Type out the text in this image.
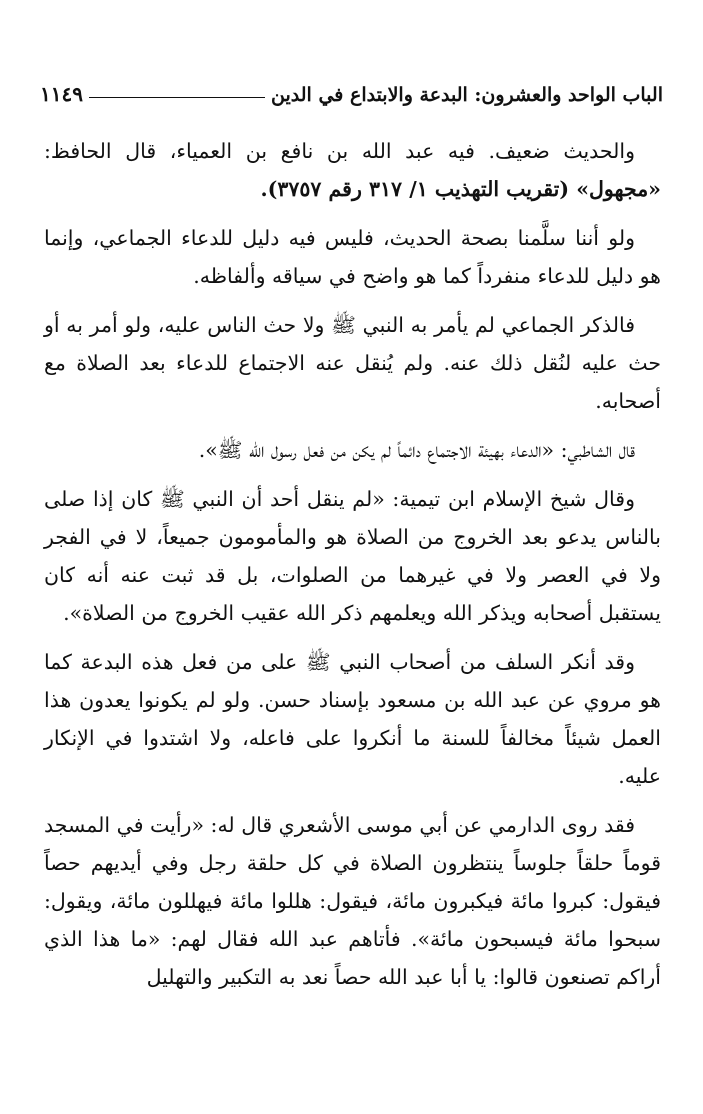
الباب الواحد والعشرون: البدعة والابتداع في الدين
١١٤٩

والحديث ضعيف. فيه عبد الله بن نافع بن العمياء، قال الحافظ: «مجهول» (تقريب التهذيب ١/ ٣١٧ رقم ٣٧٥٧).

ولو أننا سلَّمنا بصحة الحديث، فليس فيه دليل للدعاء الجماعي، وإنما هو دليل للدعاء منفرداً كما هو واضح في سياقه وألفاظه.

فالذكر الجماعي لم يأمر به النبي ﷺ ولا حث الناس عليه، ولو أمر به أو حث عليه لنُقل ذلك عنه. ولم يُنقل عنه الاجتماع للدعاء بعد الصلاة مع أصحابه.

قال الشاطبي: «الدعاء بهيئة الاجتماع دائماً لم يكن من فعل رسول الله ﷺ».

وقال شيخ الإسلام ابن تيمية: «لم ينقل أحد أن النبي ﷺ كان إذا صلى بالناس يدعو بعد الخروج من الصلاة هو والمأمومون جميعاً، لا في الفجر ولا في العصر ولا في غيرهما من الصلوات، بل قد ثبت عنه أنه كان يستقبل أصحابه ويذكر الله ويعلمهم ذكر الله عقيب الخروج من الصلاة».

وقد أنكر السلف من أصحاب النبي ﷺ على من فعل هذه البدعة كما هو مروي عن عبد الله بن مسعود بإسناد حسن. ولو لم يكونوا يعدون هذا العمل شيئاً مخالفاً للسنة ما أنكروا على فاعله، ولا اشتدوا في الإنكار عليه.

فقد روى الدارمي عن أبي موسى الأشعري قال له: «رأيت في المسجد قوماً حلقاً جلوساً ينتظرون الصلاة في كل حلقة رجل وفي أيديهم حصاً فيقول: كبروا مائة فيكبرون مائة، فيقول: هللوا مائة فيهللون مائة، ويقول: سبحوا مائة فيسبحون مائة». فأتاهم عبد الله فقال لهم: «ما هذا الذي أراكم تصنعون قالوا: يا أبا عبد الله حصاً نعد به التكبير والتهليل
